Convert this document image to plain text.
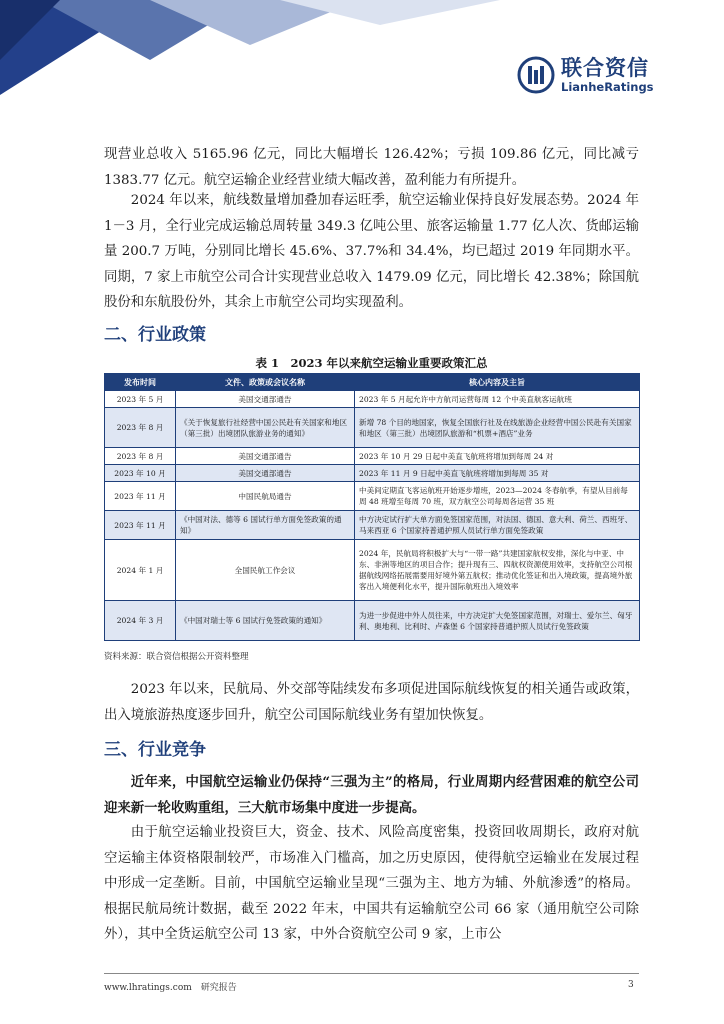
联合资信
LianheRatings

现营业总收入 5165.96 亿元，同比大幅增长 126.42%；亏损 109.86 亿元，同比减亏 1383.77 亿元。航空运输企业经营业绩大幅改善，盈利能力有所提升。

2024 年以来，航线数量增加叠加春运旺季，航空运输业保持良好发展态势。2024 年 1－3 月，全行业完成运输总周转量 349.3 亿吨公里、旅客运输量 1.77 亿人次、货邮运输量 200.7 万吨，分别同比增长 45.6%、37.7%和 34.4%，均已超过 2019 年同期水平。同期，7 家上市航空公司合计实现营业总收入 1479.09 亿元，同比增长 42.38%；除国航股份和东航股份外，其余上市航空公司均实现盈利。

二、行业政策

表 1　2023 年以来航空运输业重要政策汇总

发布时间	文件、政策或会议名称	核心内容及主旨
2023 年 5 月	美国交通部通告	2023 年 5 月起允许中方航司运营每周 12 个中美直航客运航班
2023 年 8 月	《关于恢复旅行社经营中国公民赴有关国家和地区（第三批）出境团队旅游业务的通知》	新增 78 个目的地国家，恢复全国旅行社及在线旅游企业经营中国公民赴有关国家和地区（第三批）出境团队旅游和“机票+酒店”业务
2023 年 8 月	美国交通部通告	2023 年 10 月 29 日起中美直飞航班将增加到每周 24 对
2023 年 10 月	美国交通部通告	2023 年 11 月 9 日起中美直飞航班将增加到每周 35 对
2023 年 11 月	中国民航局通告	中美间定期直飞客运航班开始逐步增班，2023—2024 冬春航季，有望从目前每周 48 班增至每周 70 班，双方航空公司每周各运营 35 班
2023 年 11 月	《中国对法、德等 6 国试行单方面免签政策的通知》	中方决定试行扩大单方面免签国家范围，对法国、德国、意大利、荷兰、西班牙、马来西亚 6 个国家持普通护照人员试行单方面免签政策
2024 年 1 月	全国民航工作会议	2024 年，民航局将积极扩大与“一带一路”共建国家航权安排，深化与中亚、中东、非洲等地区的项目合作；提升现有三、四航权资源使用效率，支持航空公司根据航线网络拓展需要用好境外第五航权；推动优化签证和出入境政策，提高境外旅客出入境便利化水平，提升国际航班出入境效率
2024 年 3 月	《中国对瑞士等 6 国试行免签政策的通知》	为进一步促进中外人员往来，中方决定扩大免签国家范围，对瑞士、爱尔兰、匈牙利、奥地利、比利时、卢森堡 6 个国家持普通护照人员试行免签政策

资料来源：联合资信根据公开资料整理

2023 年以来，民航局、外交部等陆续发布多项促进国际航线恢复的相关通告或政策，出入境旅游热度逐步回升，航空公司国际航线业务有望加快恢复。

三、行业竞争

近年来，中国航空运输业仍保持“三强为主”的格局，行业周期内经营困难的航空公司迎来新一轮收购重组，三大航市场集中度进一步提高。

由于航空运输业投资巨大，资金、技术、风险高度密集，投资回收周期长，政府对航空运输主体资格限制较严，市场准入门槛高，加之历史原因，使得航空运输业在发展过程中形成一定垄断。目前，中国航空运输业呈现“三强为主、地方为辅、外航渗透”的格局。根据民航局统计数据，截至 2022 年末，中国共有运输航空公司 66 家（通用航空公司除外），其中全货运航空公司 13 家，中外合资航空公司 9 家，上市公

www.lhratings.com　研究报告	3
